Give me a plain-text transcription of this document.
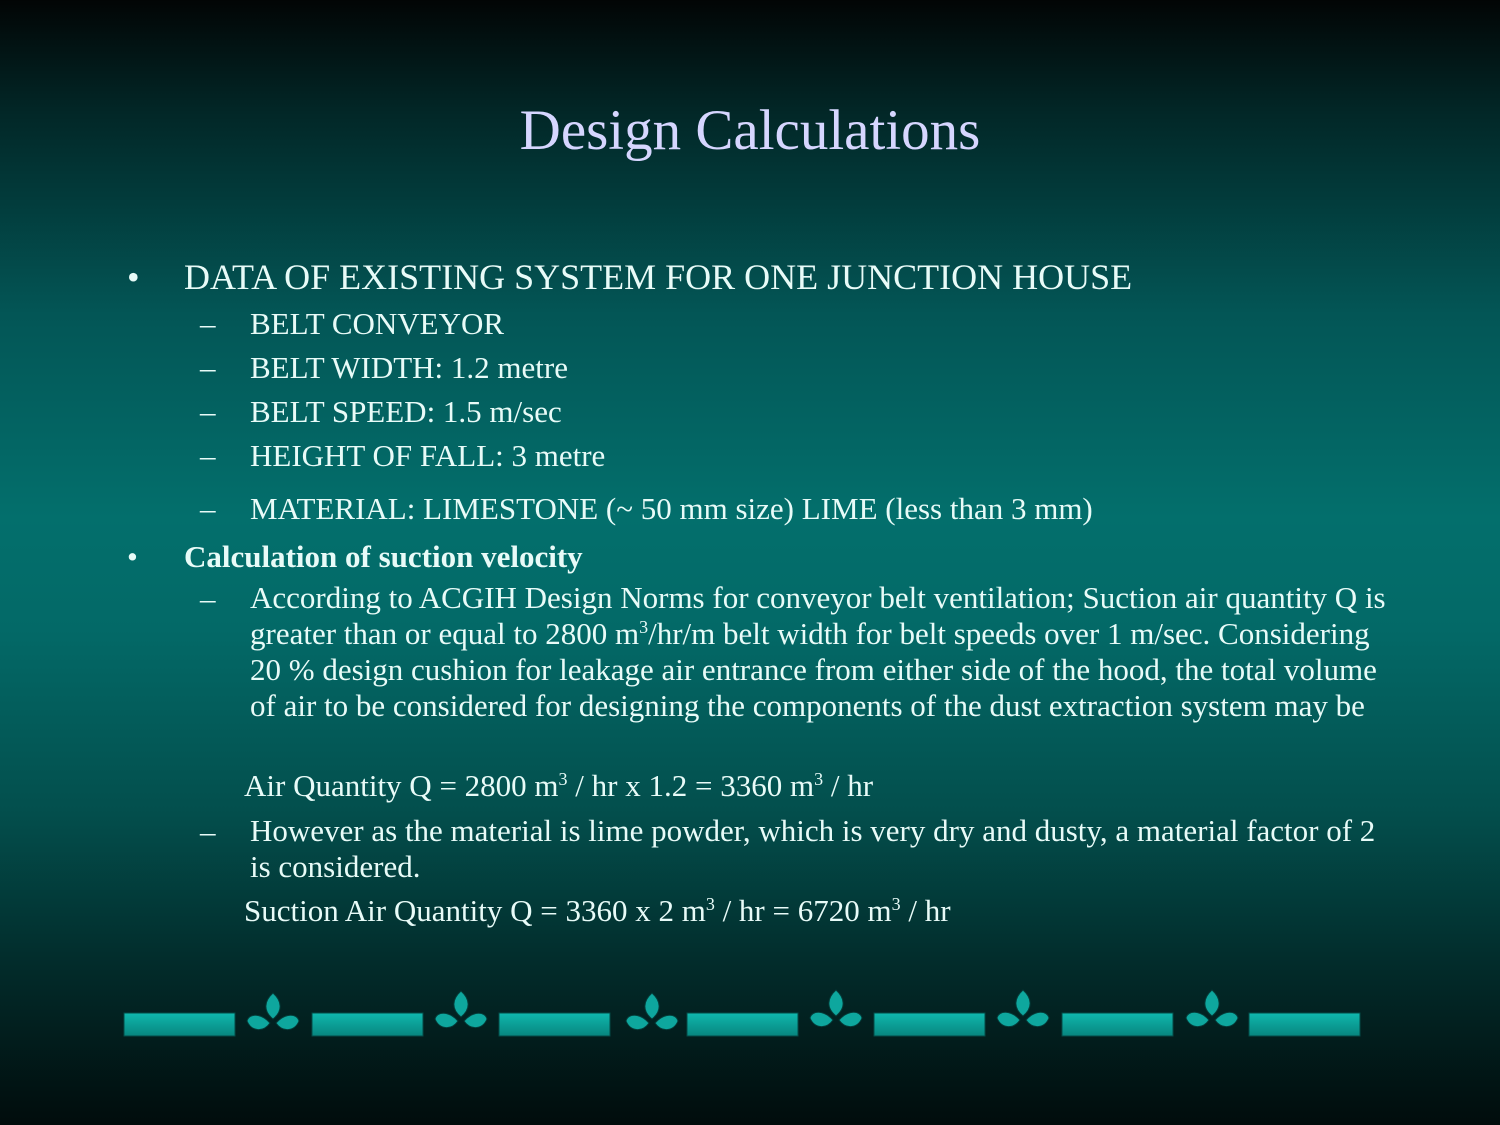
Design Calculations
• DATA OF EXISTING SYSTEM FOR ONE JUNCTION HOUSE
– BELT CONVEYOR
– BELT WIDTH: 1.2 metre
– BELT SPEED: 1.5 m/sec
– HEIGHT OF FALL: 3 metre
– MATERIAL: LIMESTONE (~ 50 mm size) LIME (less than 3 mm)
• Calculation of suction velocity
– According to ACGIH Design Norms for conveyor belt ventilation; Suction air quantity Q is greater than or equal to 2800 $m^3/hr/m$ belt width for belt speeds over 1 m/sec. Considering 20 % design cushion for leakage air entrance from either side of the hood, the total volume of air to be considered for designing the components of the dust extraction system may be
Air Quantity Q = 2800 $m^3$ / hr x 1.2 = 3360 $m^3$ / hr
– However as the material is lime powder, which is very dry and dusty, a material factor of 2 is considered.
Suction Air Quantity Q = 3360 x 2 $m^3$ / hr = 6720 $m^3$ / hr
